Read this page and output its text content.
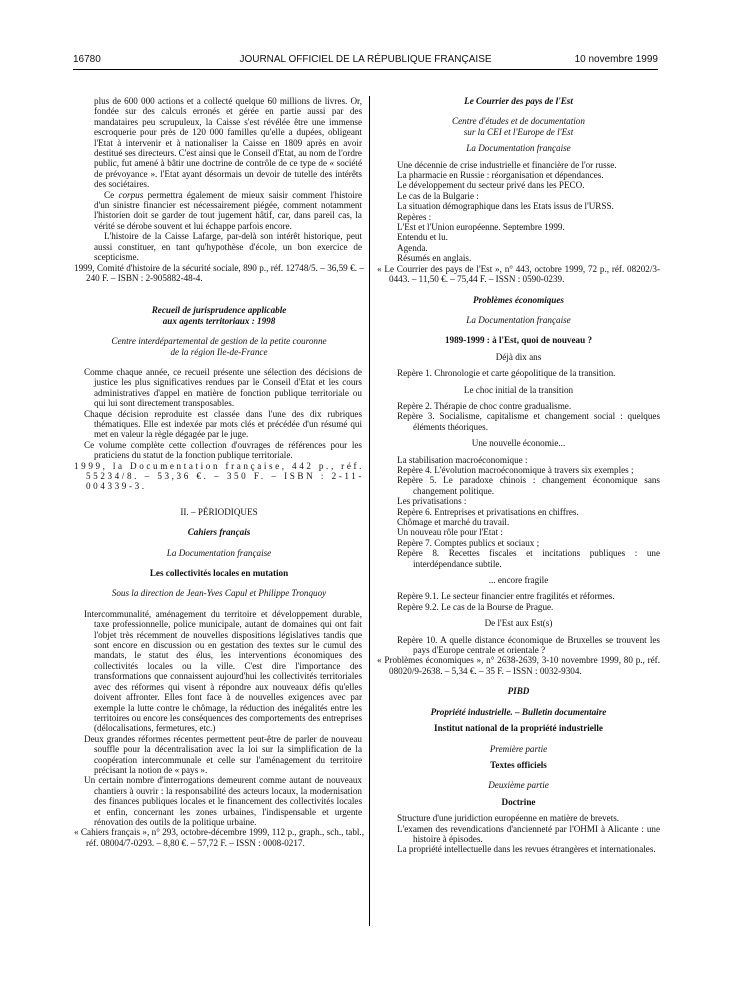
16780	JOURNAL OFFICIEL DE LA RÉPUBLIQUE FRANÇAISE	10 novembre 1999

plus de 600 000 actions et a collecté quelque 60 millions de livres. Or, fondée sur des calculs erronés et gérée en partie aussi par des mandataires peu scrupuleux, la Caisse s'est révélée être une immense escroquerie pour près de 120 000 familles qu'elle a dupées, obligeant l'Etat à intervenir et à nationaliser la Caisse en 1809 après en avoir destitué ses directeurs. C'est ainsi que le Conseil d'Etat, au nom de l'ordre public, fut amené à bâtir une doctrine de contrôle de ce type de « société de prévoyance ». l'Etat ayant désormais un devoir de tutelle des intérêts des sociétaires.

Ce corpus permettra également de mieux saisir comment l'histoire d'un sinistre financier est nécessairement piégée, comment notamment l'historien doit se garder de tout jugement hâtif, car, dans pareil cas, la vérité se dérobe souvent et lui échappe parfois encore.

L'histoire de la Caisse Lafarge, par-delà son intérêt historique, peut aussi constituer, en tant qu'hypothèse d'école, un bon exercice de scepticisme.

1999, Comité d'histoire de la sécurité sociale, 890 p., réf. 12748/5. – 36,59 €. – 240 F. – ISBN : 2-905882-48-4.

Recueil de jurisprudence applicable

aux agents territoriaux : 1998

Centre interdépartemental de gestion de la petite couronne

de la région Ile-de-France

Comme chaque année, ce recueil présente une sélection des décisions de justice les plus significatives rendues par le Conseil d'Etat et les cours administratives d'appel en matière de fonction publique territoriale ou qui lui sont directement transposables.

Chaque décision reproduite est classée dans l'une des dix rubriques thématiques. Elle est indexée par mots clés et précédée d'un résumé qui met en valeur la règle dégagée par le juge.

Ce volume complète cette collection d'ouvrages de références pour les praticiens du statut de la fonction publique territoriale.

1999, la Documentation française, 442 p., réf. 55234/8. – 53,36 €. – 350 F. – ISBN : 2-11-004339-3.

II. – PÉRIODIQUES

Cahiers français

La Documentation française

Les collectivités locales en mutation

Sous la direction de Jean-Yves Capul et Philippe Tronquoy

Intercommunalité, aménagement du territoire et développement durable, taxe professionnelle, police municipale, autant de domaines qui ont fait l'objet très récemment de nouvelles dispositions législatives tandis que sont encore en discussion ou en gestation des textes sur le cumul des mandats, le statut des élus, les interventions économiques des collectivités locales ou la ville. C'est dire l'importance des transformations que connaissent aujourd'hui les collectivités territoriales avec des réformes qui visent à répondre aux nouveaux défis qu'elles doivent affronter. Elles font face à de nouvelles exigences avec par exemple la lutte contre le chômage, la réduction des inégalités entre les territoires ou encore les conséquences des comportements des entreprises (délocalisations, fermetures, etc.)

Deux grandes réformes récentes permettent peut-être de parler de nouveau souffle pour la décentralisation avec la loi sur la simplification de la coopération intercommunale et celle sur l'aménagement du territoire précisant la notion de « pays ».

Un certain nombre d'interrogations demeurent comme autant de nouveaux chantiers à ouvrir : la responsabilité des acteurs locaux, la modernisation des finances publiques locales et le financement des collectivités locales et enfin, concernant les zones urbaines, l'indispensable et urgente rénovation des outils de la politique urbaine.

« Cahiers français », n° 293, octobre-décembre 1999, 112 p., graph., sch., tabl., réf. 08004/7-0293. – 8,80 €. – 57,72 F. – ISSN : 0008-0217.

Le Courrier des pays de l'Est

Centre d'études et de documentation

sur la CEI et l'Europe de l'Est

La Documentation française

Une décennie de crise industrielle et financière de l'or russe.

La pharmacie en Russie : réorganisation et dépendances.

Le développement du secteur privé dans les PECO.

Le cas de la Bulgarie :

La situation démographique dans les Etats issus de l'URSS.

Repères :

L'Est et l'Union européenne. Septembre 1999.

Entendu et lu.

Agenda.

Résumés en anglais.

« Le Courrier des pays de l'Est », n° 443, octobre 1999, 72 p., réf. 08202/3-0443. – 11,50 €. – 75,44 F. – ISSN : 0590-0239.

Problèmes économiques

La Documentation française

1989-1999 : à l'Est, quoi de nouveau ?

Déjà dix ans

Repère 1. Chronologie et carte géopolitique de la transition.

Le choc initial de la transition

Repère 2. Thérapie de choc contre gradualisme.

Repère 3. Socialisme, capitalisme et changement social : quelques éléments théoriques.

Une nouvelle économie...

La stabilisation macroéconomique :

Repère 4. L'évolution macroéconomique à travers six exemples ;

Repère 5. Le paradoxe chinois : changement économique sans changement politique.

Les privatisations :

Repère 6. Entreprises et privatisations en chiffres.

Chômage et marché du travail.

Un nouveau rôle pour l'Etat :

Repère 7. Comptes publics et sociaux ;

Repère 8. Recettes fiscales et incitations publiques : une interdépendance subtile.

... encore fragile

Repère 9.1. Le secteur financier entre fragilités et réformes.

Repère 9.2. Le cas de la Bourse de Prague.

De l'Est aux Est(s)

Repère 10. A quelle distance économique de Bruxelles se trouvent les pays d'Europe centrale et orientale ?

« Problèmes économiques », n° 2638-2639, 3-10 novembre 1999, 80 p., réf. 08020/9-2638. – 5,34 €. – 35 F. – ISSN : 0032-9304.

PIBD

Propriété industrielle. – Bulletin documentaire

Institut national de la propriété industrielle

Première partie

Textes officiels

Deuxième partie

Doctrine

Structure d'une juridiction européenne en matière de brevets.

L'examen des revendications d'ancienneté par l'OHMI à Alicante : une histoire à épisodes.

La propriété intellectuelle dans les revues étrangères et internationales.
